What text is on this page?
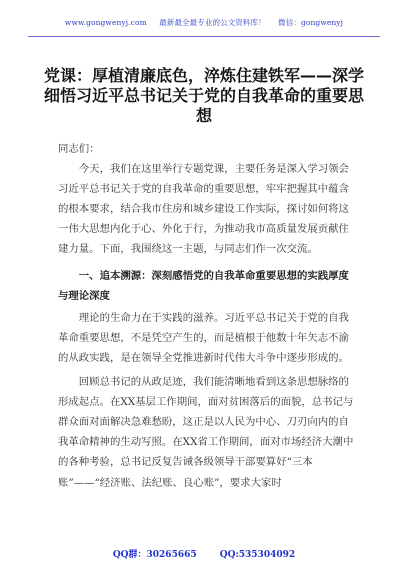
www.gongwenyj.com 最新最全最专业的公文资料库！ 微信：gongwenyj
党课：厚植清廉底色，淬炼住建铁军——深学细悟习近平总书记关于党的自我革命的重要思想

同志们：

今天，我们在这里举行专题党课，主要任务是深入学习领会习近平总书记关于党的自我革命的重要思想，牢牢把握其中蕴含的根本要求，结合我市住房和城乡建设工作实际，探讨如何将这一伟大思想内化于心、外化于行，为推动我市高质量发展贡献住建力量。下面，我围绕这一主题，与同志们作一次交流。

一、追本溯源：深刻感悟党的自我革命重要思想的实践厚度与理论深度

理论的生命力在于实践的滋养。习近平总书记关于党的自我革命重要思想，不是凭空产生的，而是植根于他数十年矢志不渝的从政实践，是在领导全党推进新时代伟大斗争中逐步形成的。

回顾总书记的从政足迹，我们能清晰地看到这条思想脉络的形成起点。在XX基层工作期间，面对贫困落后的面貌，总书记与群众面对面解决急难愁盼，这正是以人民为中心、刀刃向内的自我革命精神的生动写照。在XX省工作期间，面对市场经济大潮中的各种考验，总书记反复告诫各级领导干部要算好“三本账”——“经济账、法纪账、良心账”，要求大家时

QQ群：30265665	QQ:535304092
